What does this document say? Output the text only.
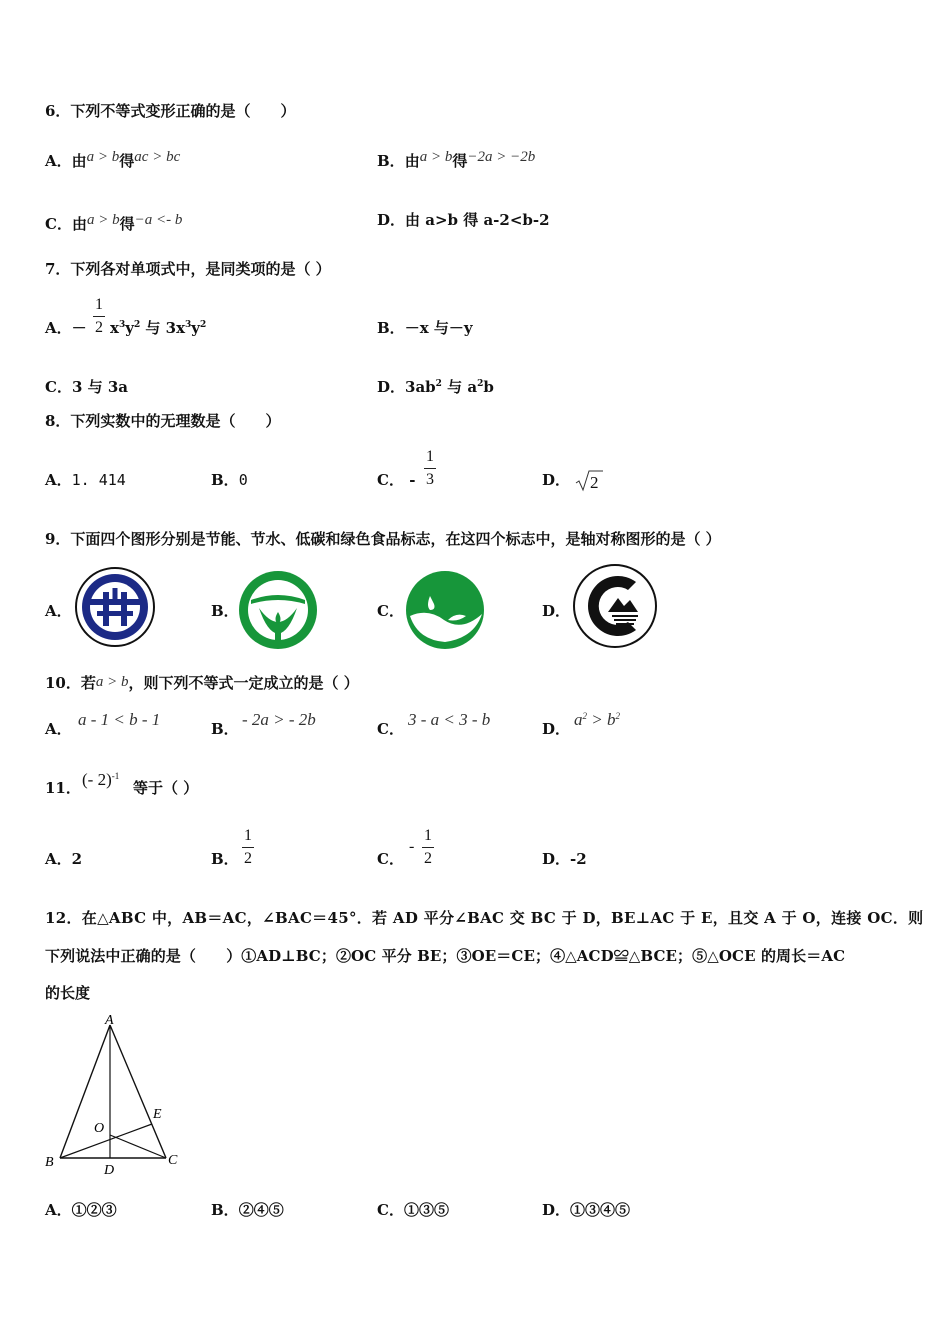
6．下列不等式变形正确的是（　　）
A．由a > b得ac > bc	B．由a > b得−2a > −2b
C．由a > b得−a <- b	D．由 a>b 得 a-2<b-2
7．下列各对单项式中，是同类项的是（ ）
A．－
1
2 $x^3y^2$ 与 $3x^3y^2$	B．－x 与－y
C．3 与 3a	D．$3ab^2$ 与 $a^2b$
8．下列实数中的无理数是（　　）
A．1. 414	B．0	C． -
1
3	D． 2
9．下面四个图形分别是节能、节水、低碳和绿色食品标志，在这四个标志中，是轴对称图形的是（ ）
A．	B．	C．	D．
10．若a > b，则下列不等式一定成立的是（ ）
A． a - 1 < b - 1	B． - 2a > - 2b	C． 3 - a < 3 - b	D． $a^2 > b^2$
11． (- 2)$^{-1}$
等于（ ）
A．2	B．
1
2	C．
-
1
2	D．-2
12．在△ABC 中，AB＝AC，∠BAC＝45°．若 AD 平分∠BAC 交 BC 于 D，BE⊥AC 于 E，且交 A 于 O，连接 OC．则
下列说法中正确的是（　　）①AD⊥BC；②OC 平分 BE；③OE＝CE；④△ACD≌△BCE；⑤△OCE 的周长＝AC
的长度
A
B	C
D
E
O
A．①②③	B．②④⑤	C．①③⑤	D．①③④⑤
